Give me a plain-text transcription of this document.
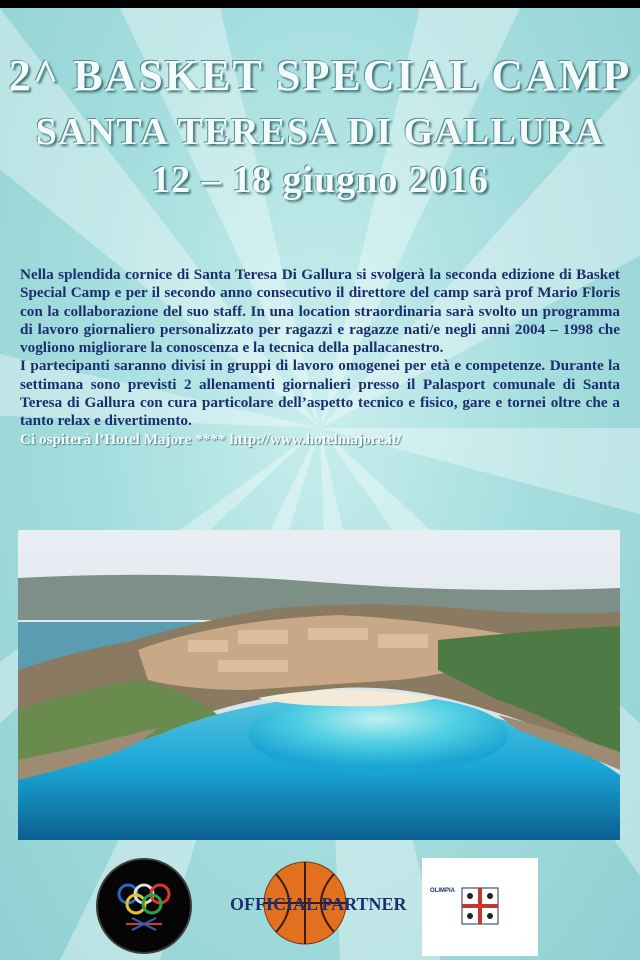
2^ BASKET SPECIAL CAMP
SANTA TERESA DI GALLURA
12 – 18 giugno 2016

Nella splendida cornice di Santa Teresa Di Gallura si svolgerà la seconda edizione di Basket Special Camp e per il secondo anno consecutivo il direttore del camp sarà prof Mario Floris con la collaborazione del suo staff. In una location straordinaria sarà svolto un programma di lavoro giornaliero personalizzato per ragazzi e ragazze nati/e negli anni 2004 – 1998 che vogliono migliorare la conoscenza e la tecnica della pallacanestro.

I partecipanti saranno divisi in gruppi di lavoro omogenei per età e competenze. Durante la settimana sono previsti 2 allenamenti giornalieri presso il Palasport comunale di Santa Teresa di Gallura con cura particolare dell’aspetto tecnico e fisico, gare e tornei oltre che a tanto relax e divertimento.

Ci ospiterà l’Hotel Majore **** http://www.hotelmajore.it/

OFFICIAL PARTNER
OLIMPIA
